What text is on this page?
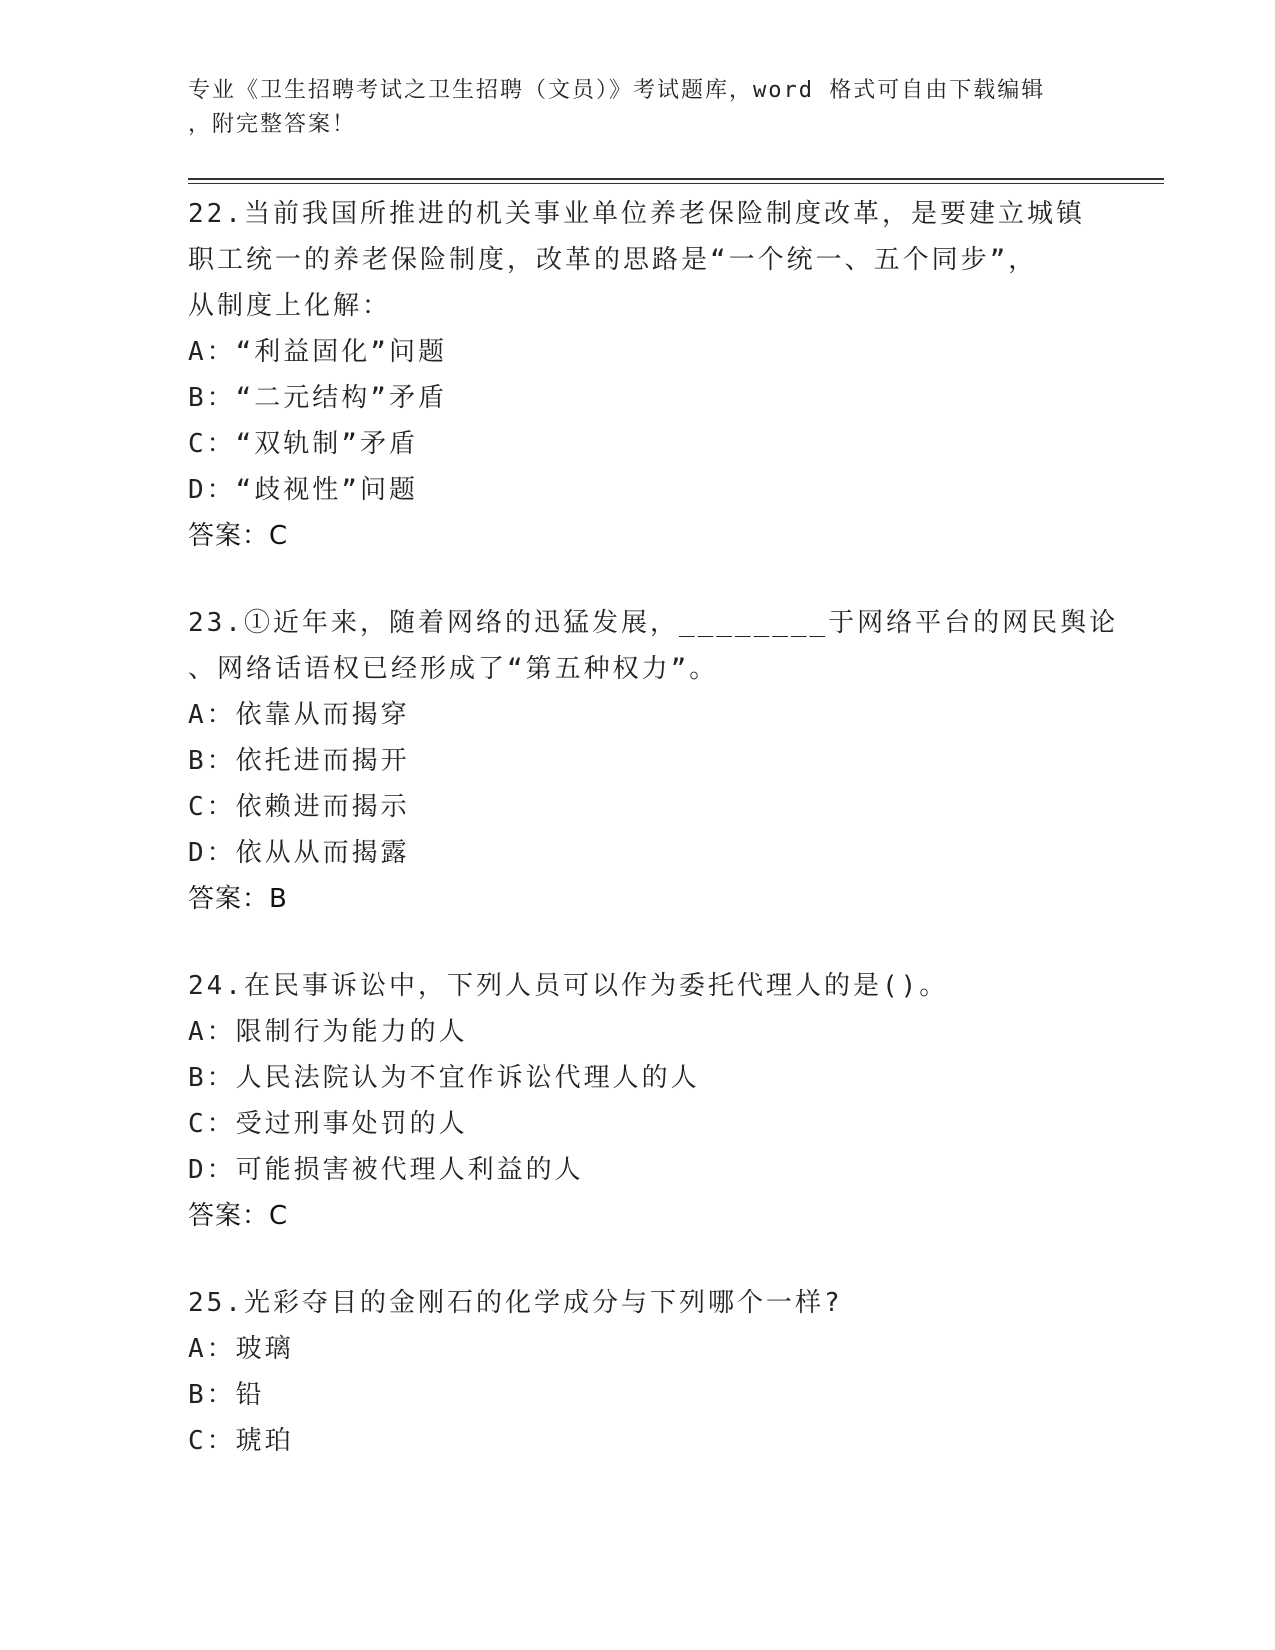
专业《卫生招聘考试之卫生招聘（文员）》考试题库，word 格式可自由下载编辑
，附完整答案！
22.当前我国所推进的机关事业单位养老保险制度改革，是要建立城镇
职工统一的养老保险制度，改革的思路是“一个统一、五个同步”，
从制度上化解：
A：“利益固化”问题
B：“二元结构”矛盾
C：“双轨制”矛盾
D：“歧视性”问题
答案：C
23.①近年来，随着网络的迅猛发展，________于网络平台的网民舆论
、网络话语权已经形成了“第五种权力”。
A：依靠从而揭穿
B：依托进而揭开
C：依赖进而揭示
D：依从从而揭露
答案：B
24.在民事诉讼中，下列人员可以作为委托代理人的是()。
A：限制行为能力的人
B：人民法院认为不宜作诉讼代理人的人
C：受过刑事处罚的人
D：可能损害被代理人利益的人
答案：C
25.光彩夺目的金刚石的化学成分与下列哪个一样?
A：玻璃
B：铅
C：琥珀
